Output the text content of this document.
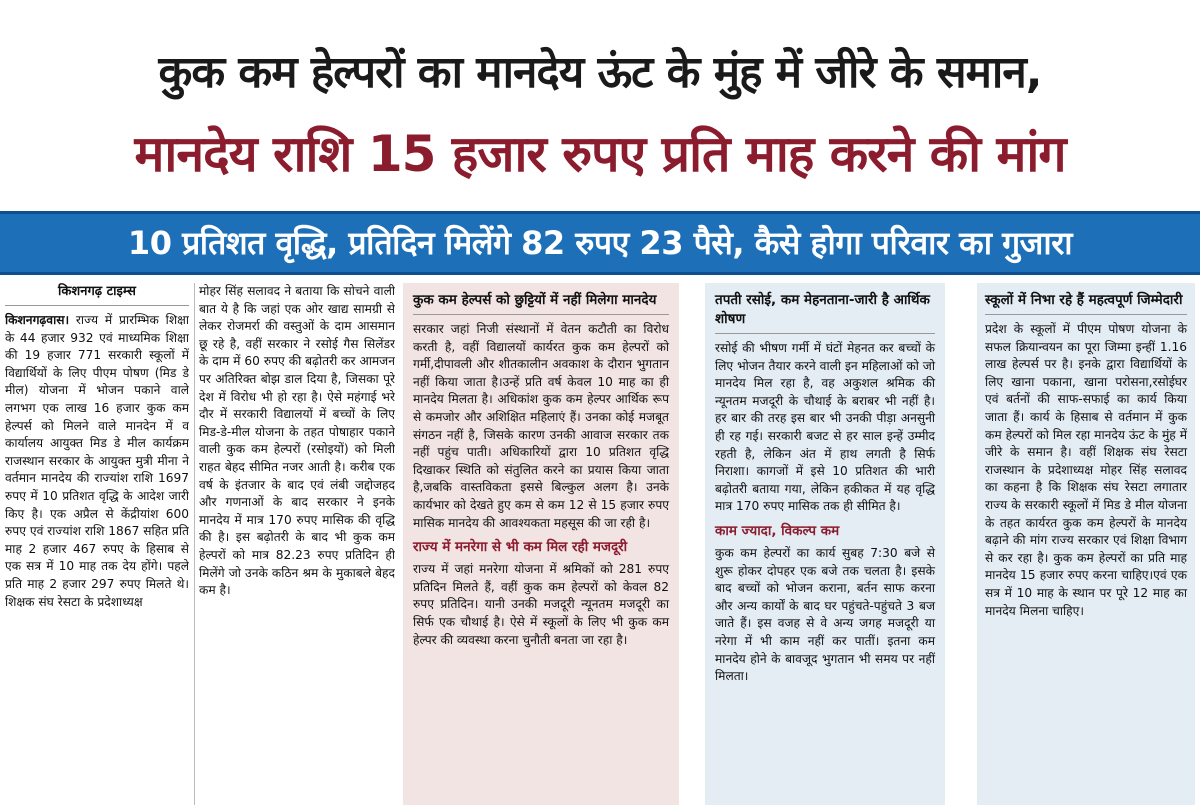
कुक कम हेल्परों का मानदेय ऊंट के मुंह में जीरे के समान,
मानदेय राशि 15 हजार रुपए प्रति माह करने की मांग
10 प्रतिशत वृद्धि, प्रतिदिन मिलेंगे 82 रुपए 23 पैसे, कैसे होगा परिवार का गुजारा
किशनगढ़ टाइम्स

किशनगढ़वास। राज्य में प्रारम्भिक शिक्षा के 44 हजार 932 एवं माध्यमिक शिक्षा की 19 हजार 771 सरकारी स्कूलों में विद्यार्थियों के लिए पीएम पोषण (मिड डे मील) योजना में भोजन पकाने वाले लगभग एक लाख 16 हजार कुक कम हेल्पर्स को मिलने वाले मानदेन में व कार्यालय आयुक्त मिड डे मील कार्यक्रम राजस्थान सरकार के आयुक्त मुत्री मीना ने वर्तमान मानदेय की राज्यांश राशि 1697 रुपए में 10 प्रतिशत वृद्धि के आदेश जारी किए है। एक अप्रैल से केंद्रीयांश 600 रुपए एवं राज्यांश राशि 1867 सहित प्रति माह 2 हजार 467 रुपए के हिसाब से एक सत्र में 10 माह तक देय होंगे। पहले प्रति माह 2 हजार 297 रुपए मिलते थे। शिक्षक संघ रेसटा के प्रदेशाध्यक्ष

मोहर सिंह सलावद ने बताया कि सोचने वाली बात ये है कि जहां एक ओर खाद्य सामग्री से लेकर रोजमर्रा की वस्तुओं के दाम आसमान छू रहे है, वहीं सरकार ने रसोई गैस सिलेंडर के दाम में 60 रुपए की बढ़ोतरी कर आमजन पर अतिरिक्त बोझ डाल दिया है, जिसका पूरे देश में विरोध भी हो रहा है। ऐसे महंगाई भरे दौर में सरकारी विद्यालयों में बच्चों के लिए मिड-डे-मील योजना के तहत पोषाहार पकाने वाली कुक कम हेल्परों (रसोइयों) को मिली राहत बेहद सीमित नजर आती है। करीब एक वर्ष के इंतजार के बाद एवं लंबी जद्दोजहद और गणनाओं के बाद सरकार ने इनके मानदेय में मात्र 170 रुपए मासिक की वृद्धि की है। इस बढ़ोतरी के बाद भी कुक कम हेल्परों को मात्र 82.23 रुपए प्रतिदिन ही मिलेंगे जो उनके कठिन श्रम के मुकाबले बेहद कम है।

कुक कम हेल्पर्स को छुट्टियों में नहीं मिलेगा मानदेय

सरकार जहां निजी संस्थानों में वेतन कटौती का विरोध करती है, वहीं विद्यालयों कार्यरत कुक कम हेल्परों को गर्मी,दीपावली और शीतकालीन अवकाश के दौरान भुगतान नहीं किया जाता है।उन्हें प्रति वर्ष केवल 10 माह का ही मानदेय मिलता है। अधिकांश कुक कम हेल्पर आर्थिक रूप से कमजोर और अशिक्षित महिलाएं हैं। उनका कोई मजबूत संगठन नहीं है, जिसके कारण उनकी आवाज सरकार तक नहीं पहुंच पाती। अधिकारियों द्वारा 10 प्रतिशत वृद्धि दिखाकर स्थिति को संतुलित करने का प्रयास किया जाता है,जबकि वास्तविकता इससे बिल्कुल अलग है। उनके कार्यभार को देखते हुए कम से कम 12 से 15 हजार रुपए मासिक मानदेय की आवश्यकता महसूस की जा रही है।

राज्य में मनरेगा से भी कम मिल रही मजदूरी

राज्य में जहां मनरेगा योजना में श्रमिकों को 281 रुपए प्रतिदिन मिलते हैं, वहीं कुक कम हेल्परों को केवल 82 रुपए प्रतिदिन। यानी उनकी मजदूरी न्यूनतम मजदूरी का सिर्फ एक चौथाई है। ऐसे में स्कूलों के लिए भी कुक कम हेल्पर की व्यवस्था करना चुनौती बनता जा रहा है।

तपती रसोई, कम मेहनताना-जारी है आर्थिक शोषण

रसोई की भीषण गर्मी में घंटों मेहनत कर बच्चों के लिए भोजन तैयार करने वाली इन महिलाओं को जो मानदेय मिल रहा है, वह अकुशल श्रमिक की न्यूनतम मजदूरी के चौथाई के बराबर भी नहीं है। हर बार की तरह इस बार भी उनकी पीड़ा अनसुनी ही रह गई। सरकारी बजट से हर साल इन्हें उम्मीद रहती है, लेकिन अंत में हाथ लगती है सिर्फ निराशा। कागजों में इसे 10 प्रतिशत की भारी बढ़ोतरी बताया गया, लेकिन हकीकत में यह वृद्धि मात्र 170 रुपए मासिक तक ही सीमित है।

काम ज्यादा, विकल्प कम

कुक कम हेल्परों का कार्य सुबह 7:30 बजे से शुरू होकर दोपहर एक बजे तक चलता है। इसके बाद बच्चों को भोजन कराना, बर्तन साफ करना और अन्य कार्यों के बाद घर पहुंचते-पहुंचते 3 बज जाते हैं। इस वजह से वे अन्य जगह मजदूरी या नरेगा में भी काम नहीं कर पातीं। इतना कम मानदेय होने के बावजूद भुगतान भी समय पर नहीं मिलता।

स्कूलों में निभा रहे हैं महत्वपूर्ण जिम्मेदारी

प्रदेश के स्कूलों में पीएम पोषण योजना के सफल क्रियान्वयन का पूरा जिम्मा इन्हीं 1.16 लाख हेल्पर्स पर है। इनके द्वारा विद्यार्थियों के लिए खाना पकाना, खाना परोसना,रसोईघर एवं बर्तनों की साफ-सफाई का कार्य किया जाता हैं। कार्य के हिसाब से वर्तमान में कुक कम हेल्परों को मिल रहा मानदेय ऊंट के मुंह में जीरे के समान है। वहीं शिक्षक संघ रेसटा राजस्थान के प्रदेशाध्यक्ष मोहर सिंह सलावद का कहना है कि शिक्षक संघ रेसटा लगातार राज्य के सरकारी स्कूलों में मिड डे मील योजना के तहत कार्यरत कुक कम हेल्परों के मानदेय बढ़ाने की मांग राज्य सरकार एवं शिक्षा विभाग से कर रहा है। कुक कम हेल्परों का प्रति माह मानदेय 15 हजार रुपए करना चाहिए।एवं एक सत्र में 10 माह के स्थान पर पूरे 12 माह का मानदेय मिलना चाहिए।
